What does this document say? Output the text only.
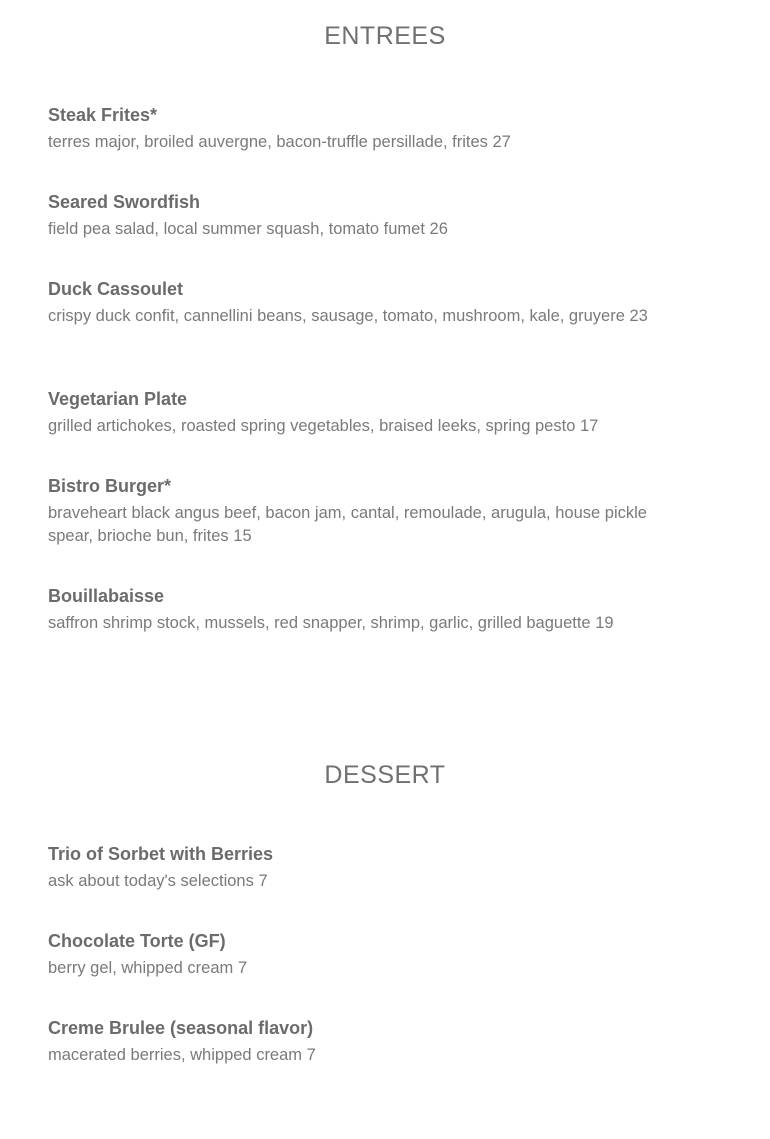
ENTREES

Steak Frites*

terres major, broiled auvergne, bacon-truffle persillade, frites 27

Seared Swordfish

field pea salad, local summer squash, tomato fumet 26

Duck Cassoulet

crispy duck confit, cannellini beans, sausage, tomato, mushroom, kale, gruyere 23

Vegetarian Plate

grilled artichokes, roasted spring vegetables, braised leeks, spring pesto 17

Bistro Burger*

braveheart black angus beef, bacon jam, cantal, remoulade, arugula, house pickle spear, brioche bun, frites 15

Bouillabaisse

saffron shrimp stock, mussels, red snapper, shrimp, garlic, grilled baguette 19

DESSERT

Trio of Sorbet with Berries

ask about today's selections 7

Chocolate Torte (GF)

berry gel, whipped cream 7

Creme Brulee (seasonal flavor)

macerated berries, whipped cream 7
